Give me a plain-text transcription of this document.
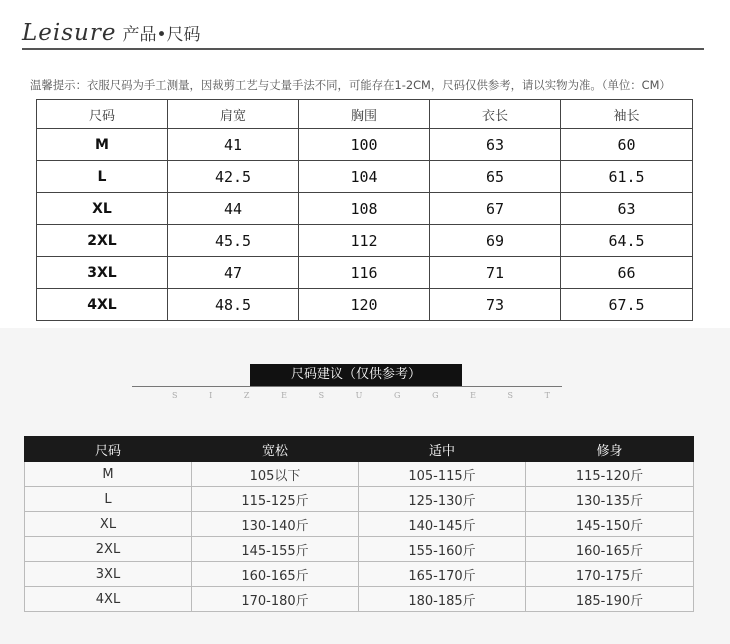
Leisure 产品•尺码
温馨提示：衣服尺码为手工测量，因裁剪工艺与丈量手法不同，可能存在1-2CM，尺码仅供参考，请以实物为准。（单位：CM）
尺码	肩宽	胸围	衣长	袖长
M	41	100	63	60
L	42.5	104	65	61.5
XL	44	108	67	63
2XL	45.5	112	69	64.5
3XL	47	116	71	66
4XL	48.5	120	73	67.5
尺码建议（仅供参考）
S	I	Z	E	S	U	G	G	E	S	T
尺码	宽松	适中	修身
M	105以下	105-115斤	115-120斤
L	115-125斤	125-130斤	130-135斤
XL	130-140斤	140-145斤	145-150斤
2XL	145-155斤	155-160斤	160-165斤
3XL	160-165斤	165-170斤	170-175斤
4XL	170-180斤	180-185斤	185-190斤
